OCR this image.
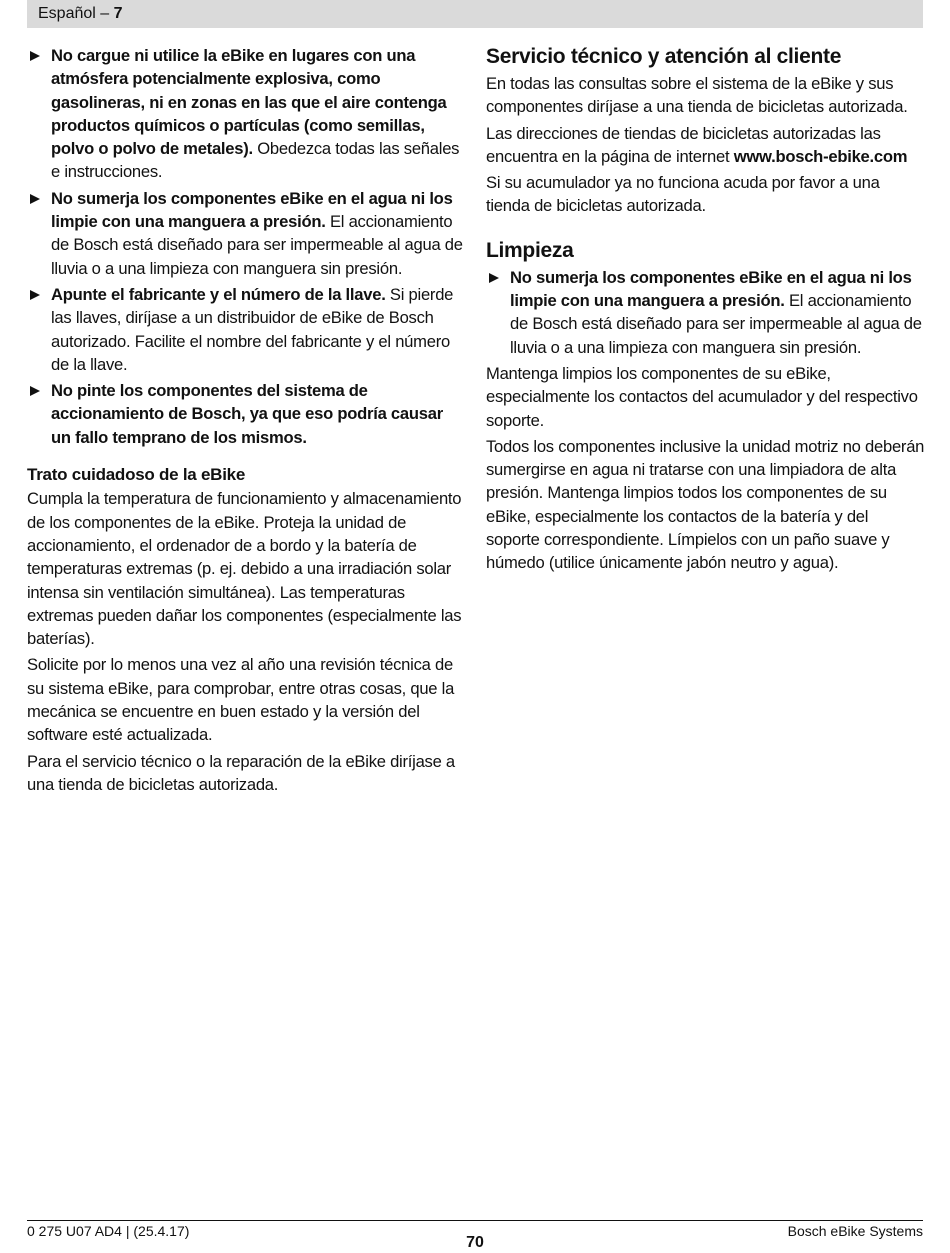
Español – 7
No cargue ni utilice la eBike en lugares con una atmósfera potencialmente explosiva, como gasolineras, ni en zonas en las que el aire contenga productos químicos o partículas (como semillas, polvo o polvo de metales). Obedezca todas las señales e instrucciones.
No sumerja los componentes eBike en el agua ni los limpie con una manguera a presión. El accionamiento de Bosch está diseñado para ser impermeable al agua de lluvia o a una limpieza con manguera sin presión.
Apunte el fabricante y el número de la llave. Si pierde las llaves, diríjase a un distribuidor de eBike de Bosch autorizado. Facilite el nombre del fabricante y el número de la llave.
No pinte los componentes del sistema de accionamiento de Bosch, ya que eso podría causar un fallo temprano de los mismos.
Trato cuidadoso de la eBike

Cumpla la temperatura de funcionamiento y almacenamiento de los componentes de la eBike. Proteja la unidad de accionamiento, el ordenador de a bordo y la batería de temperaturas extremas (p. ej. debido a una irradiación solar intensa sin ventilación simultánea). Las temperaturas extremas pueden dañar los componentes (especialmente las baterías).

Solicite por lo menos una vez al año una revisión técnica de su sistema eBike, para comprobar, entre otras cosas, que la mecánica se encuentre en buen estado y la versión del software esté actualizada.

Para el servicio técnico o la reparación de la eBike diríjase a una tienda de bicicletas autorizada.

Servicio técnico y atención al cliente

En todas las consultas sobre el sistema de la eBike y sus componentes diríjase a una tienda de bicicletas autorizada.

Las direcciones de tiendas de bicicletas autorizadas las encuentra en la página de internet www.bosch-ebike.com

Si su acumulador ya no funciona acuda por favor a una tienda de bicicletas autorizada.

Limpieza
No sumerja los componentes eBike en el agua ni los limpie con una manguera a presión. El accionamiento de Bosch está diseñado para ser impermeable al agua de lluvia o a una limpieza con manguera sin presión.

Mantenga limpios los componentes de su eBike, especialmente los contactos del acumulador y del respectivo soporte.

Todos los componentes inclusive la unidad motriz no deberán sumergirse en agua ni tratarse con una limpiadora de alta presión. Mantenga limpios todos los componentes de su eBike, especialmente los contactos de la batería y del soporte correspondiente. Límpielos con un paño suave y húmedo (utilice únicamente jabón neutro y agua).

0 275 U07 AD4 | (25.4.17)
70
Bosch eBike Systems
